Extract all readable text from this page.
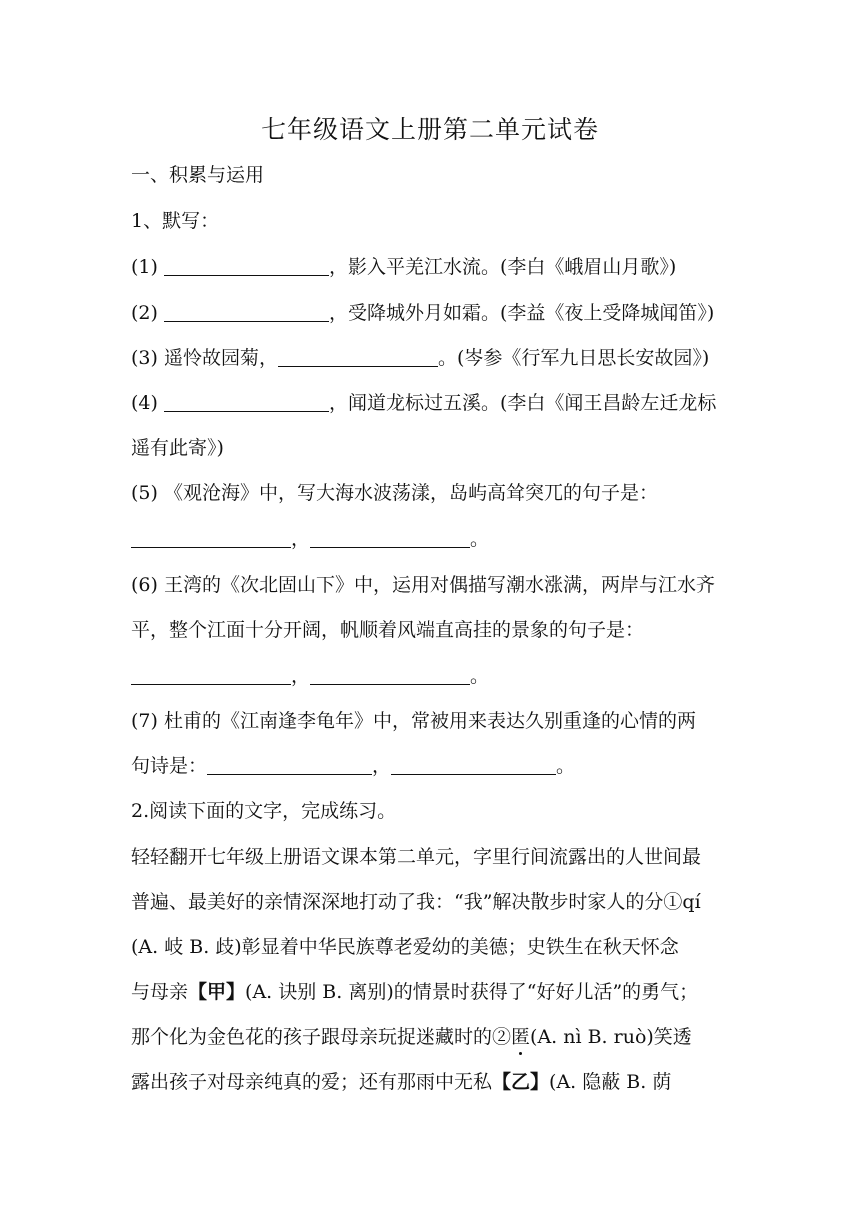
七年级语文上册第二单元试卷
一、积累与运用
1、默写：
(1)	，影入平羌江水流。(李白《峨眉山月歌》)
(2)	，受降城外月如霜。(李益《夜上受降城闻笛》)
(3) 遥怜故园菊，	。(岑参《行军九日思长安故园》)
(4)	，闻道龙标过五溪。(李白《闻王昌龄左迁龙标
遥有此寄》)
(5) 《观沧海》中，写大海水波荡漾，岛屿高耸突兀的句子是：
，	。
(6) 王湾的《次北固山下》中，运用对偶描写潮水涨满，两岸与江水齐
平，整个江面十分开阔，帆顺着风端直高挂的景象的句子是：
，	。
(7) 杜甫的《江南逢李龟年》中，常被用来表达久别重逢的心情的两
句诗是：	，	。
2.阅读下面的文字，完成练习。
轻轻翻开七年级上册语文课本第二单元，字里行间流露出的人世间最
普遍、最美好的亲情深深地打动了我：“我”解决散步时家人的分①qí
(A. 岐 B. 歧)彰显着中华民族尊老爱幼的美德；史铁生在秋天怀念
与母亲【甲】(A. 诀别 B. 离别)的情景时获得了“好好儿活”的勇气；
那个化为金色花的孩子跟母亲玩捉迷藏时的②匿(A. nì B. ruò)笑透
露出孩子对母亲纯真的爱；还有那雨中无私【乙】(A. 隐蔽 B. 荫
